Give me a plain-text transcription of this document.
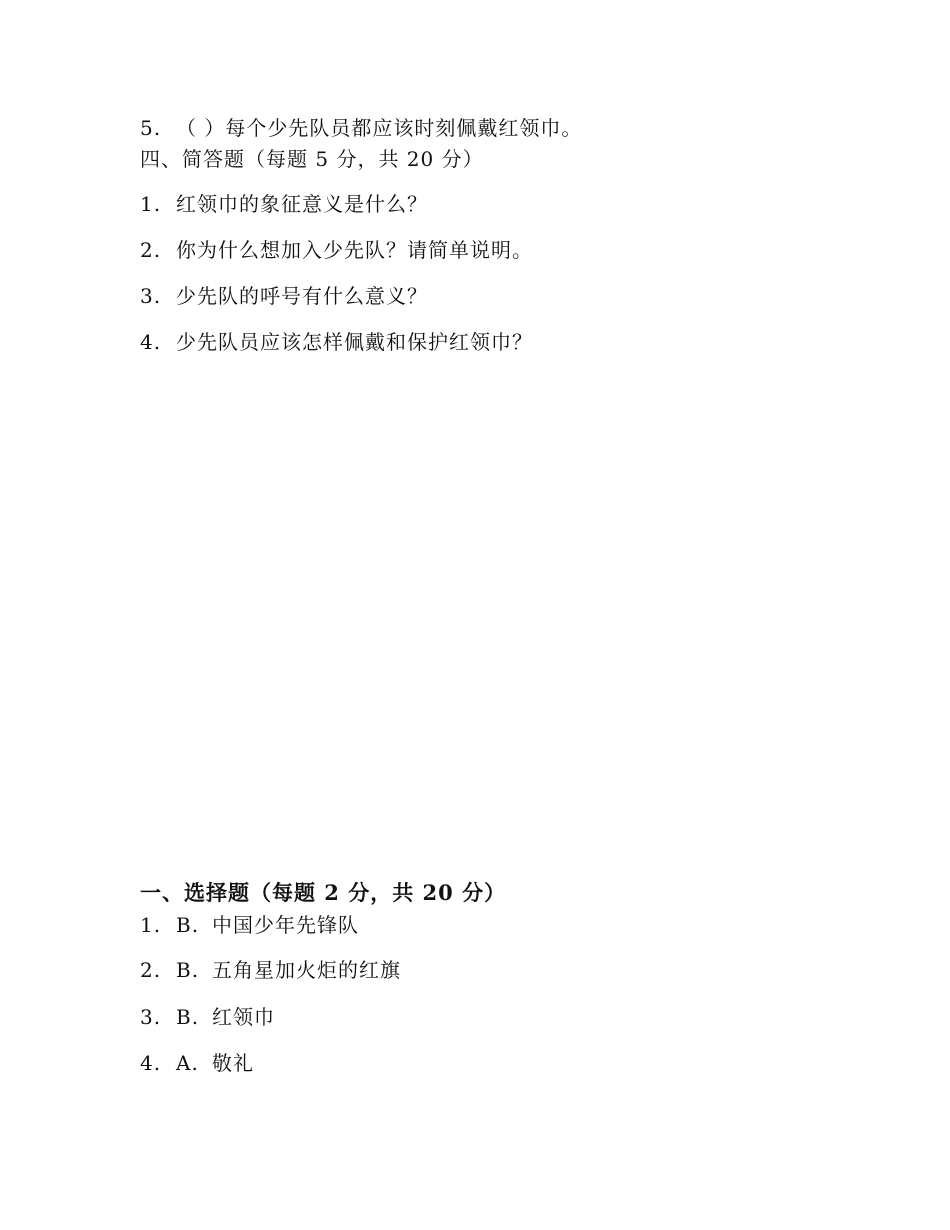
5. （ ）每个少先队员都应该时刻佩戴红领巾。
四、简答题（每题 5 分，共 20 分）
1. 红领巾的象征意义是什么？
2. 你为什么想加入少先队？请简单说明。
3. 少先队的呼号有什么意义？
4. 少先队员应该怎样佩戴和保护红领巾？
一、选择题（每题 2 分，共 20 分）
1. B. 中国少年先锋队
2. B. 五角星加火炬的红旗
3. B. 红领巾
4. A. 敬礼
